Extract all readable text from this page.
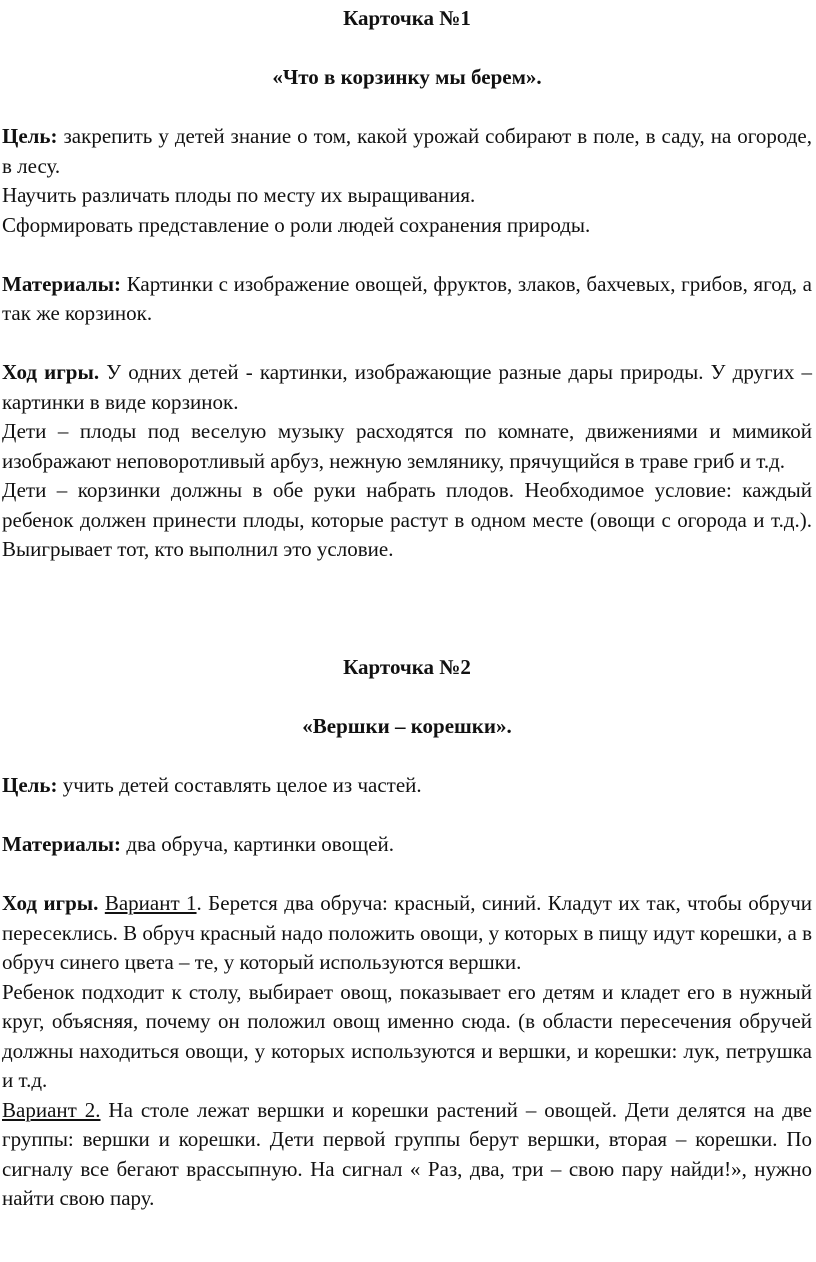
Карточка №1

«Что в корзинку мы берем».

Цель: закрепить у детей знание о том, какой урожай собирают в поле, в саду, на огороде, в лесу.

Научить различать плоды по месту их выращивания.

Сформировать представление о роли людей сохранения природы.

Материалы: Картинки с изображение овощей, фруктов, злаков, бахчевых, грибов, ягод, а так же корзинок.

Ход игры. У одних детей - картинки, изображающие разные дары природы. У других – картинки в виде корзинок.

Дети – плоды под веселую музыку расходятся по комнате, движениями и мимикой изображают неповоротливый арбуз, нежную землянику, прячущийся в траве гриб и т.д.

Дети – корзинки должны в обе руки набрать плодов. Необходимое условие: каждый ребенок должен принести плоды, которые растут в одном месте (овощи с огорода и т.д.). Выигрывает тот, кто выполнил это условие.

Карточка №2

«Вершки – корешки».

Цель: учить детей составлять целое из частей.

Материалы: два обруча, картинки овощей.

Ход игры. Вариант 1. Берется два обруча: красный, синий. Кладут их так, чтобы обручи пересеклись. В обруч красный надо положить овощи, у которых в пищу идут корешки, а в обруч синего цвета – те, у который используются вершки.

Ребенок подходит к столу, выбирает овощ, показывает его детям и кладет его в нужный круг, объясняя, почему он положил овощ именно сюда. (в области пересечения обручей должны находиться овощи, у которых используются и вершки, и корешки: лук, петрушка и т.д.

Вариант 2. На столе лежат вершки и корешки растений – овощей. Дети делятся на две группы: вершки и корешки. Дети первой группы берут вершки, вторая – корешки. По сигналу все бегают врассыпную. На сигнал « Раз, два, три – свою пару найди!», нужно найти свою пару.
